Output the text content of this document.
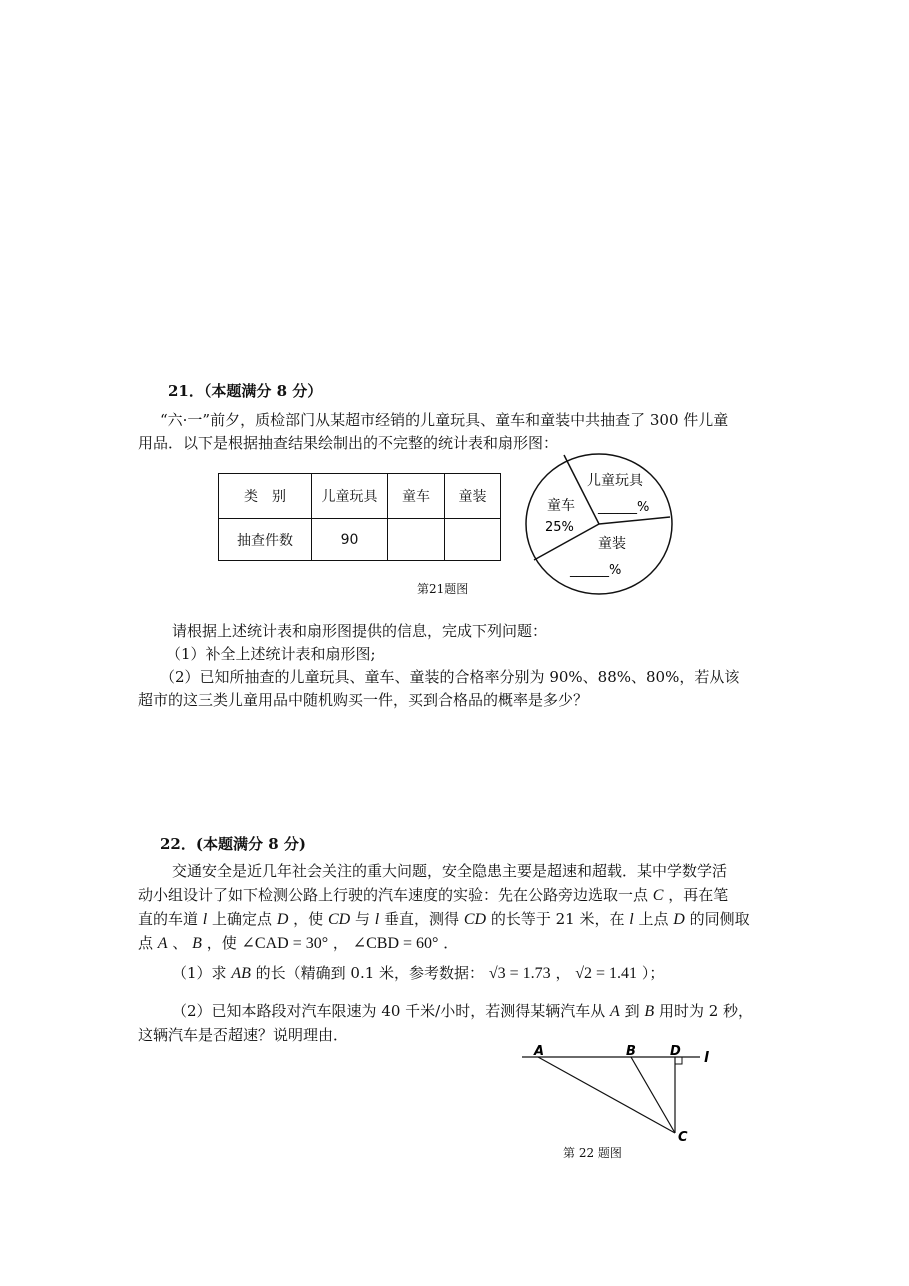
21．（本题满分 8 分）
“六·一”前夕，质检部门从某超市经销的儿童玩具、童车和童装中共抽查了 300 件儿童
用品．以下是根据抽查结果绘制出的不完整的统计表和扇形图：
类　别	儿童玩具	童车	童装
抽查件数	90		
儿童玩具
______%
童车
25%
童装
______%
第21题图
请根据上述统计表和扇形图提供的信息，完成下列问题：
（1）补全上述统计表和扇形图;
（2）已知所抽查的儿童玩具、童车、童装的合格率分别为 90%、88%、80%，若从该
超市的这三类儿童用品中随机购买一件，买到合格品的概率是多少？
22．(本题满分 8 分)
交通安全是近几年社会关注的重大问题，安全隐患主要是超速和超载．某中学数学活
动小组设计了如下检测公路上行驶的汽车速度的实验：先在公路旁边选取一点 C ，再在笔
直的车道 l 上确定点 D ，使 CD 与 l 垂直，测得 CD 的长等于 21 米，在 l 上点 D 的同侧取
点 A 、 B ，使 ∠CAD = 30° ， ∠CBD = 60° ．
（1）求 AB 的长（精确到 0.1 米，参考数据： √3 = 1.73 ， √2 = 1.41 ）；
（2）已知本路段对汽车限速为 40 千米/小时，若测得某辆汽车从 A 到 B 用时为 2 秒，
这辆汽车是否超速？说明理由．
A	B	D l
C
第 22 题图
